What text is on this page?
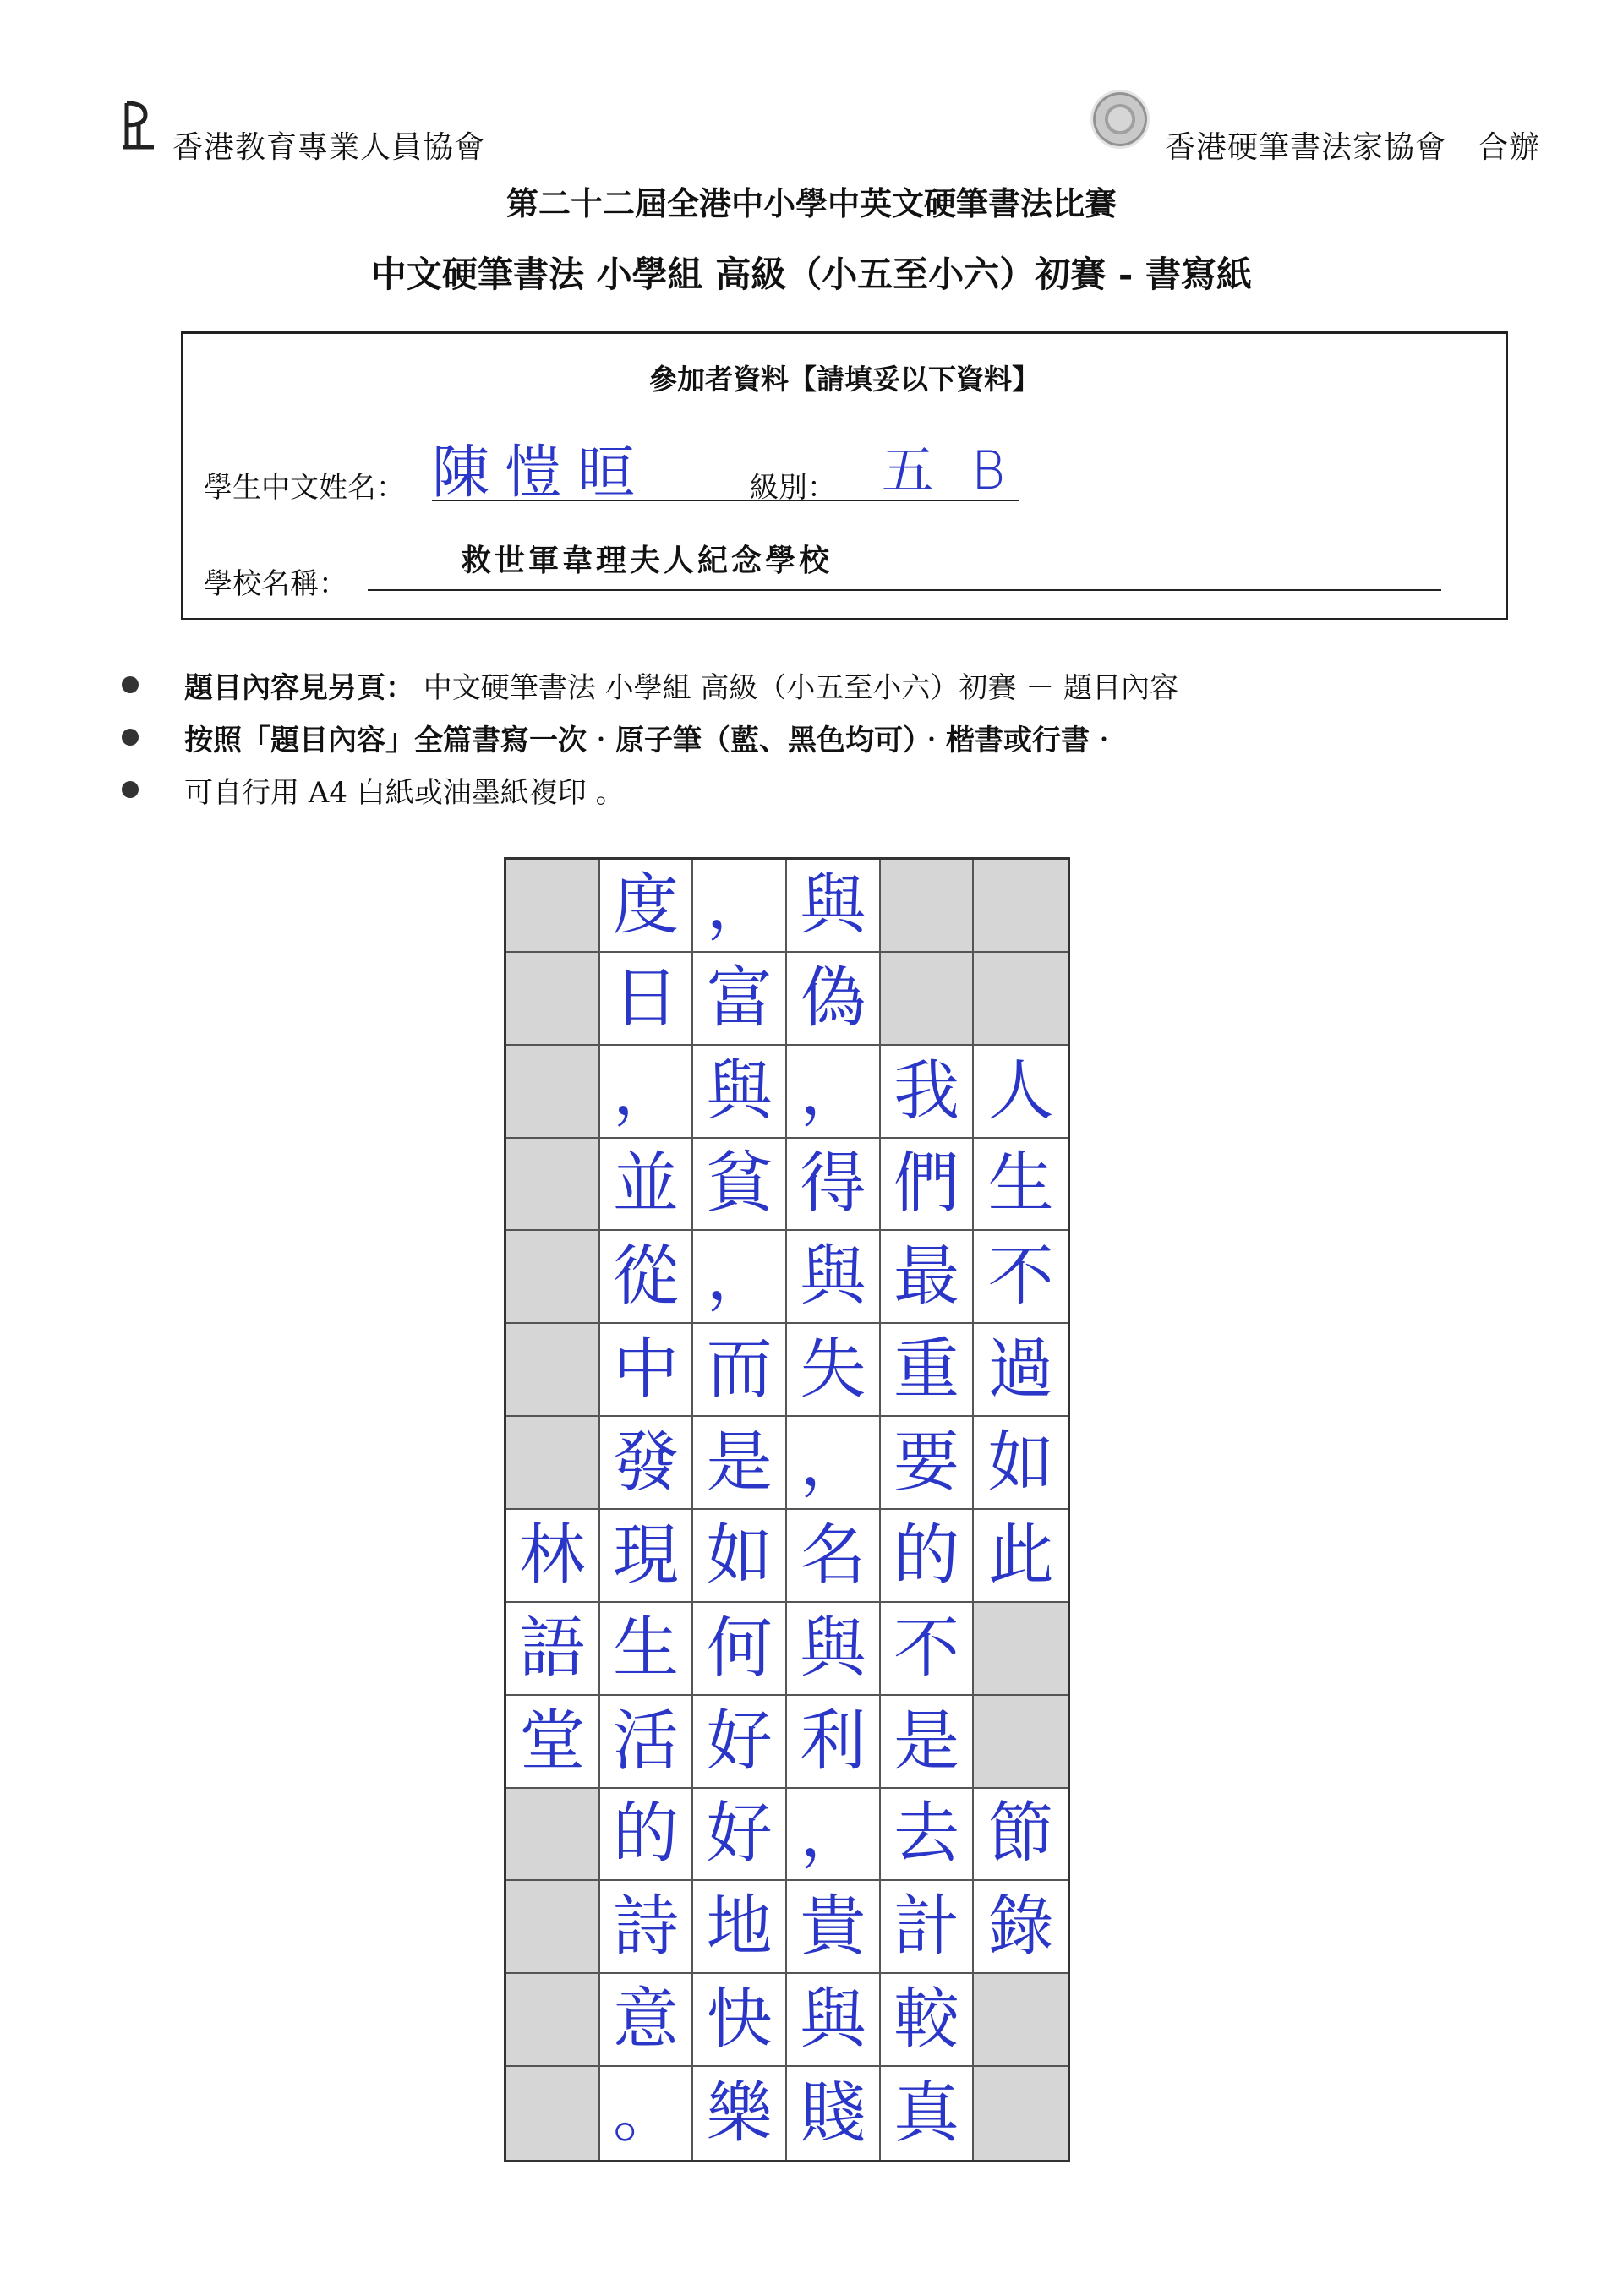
香港教育專業人員協會	香港硬筆書法家協會　合辦
第二十二屆全港中小學中英文硬筆書法比賽
中文硬筆書法 小學組 高級（小五至小六）初賽 - 書寫紙
參加者資料【請填妥以下資料】
學生中文姓名： 陳愷晅	級別： 五 B
學校名稱：
救世軍韋理夫人紀念學校
題目內容見另頁： 中文硬筆書法 小學組 高級（小五至小六）初賽 － 題目內容
按照「題目內容」全篇書寫一次‧原子筆（藍、黑色均可）‧楷書或行書‧
可自行用 A4 白紙或油墨紙複印 。
度 ， 與
日 富 偽
， 與 ， 我 人
並 貧 得 們 生
從 ， 與 最 不
中 而 失 重 過
發 是 ， 要 如
林 現 如 名 的 此
語 生 何 與 不
堂 活 好 利 是
的 好 ， 去 節
詩 地 貴 計 錄
意 快 與 較
。 樂 賤 真
